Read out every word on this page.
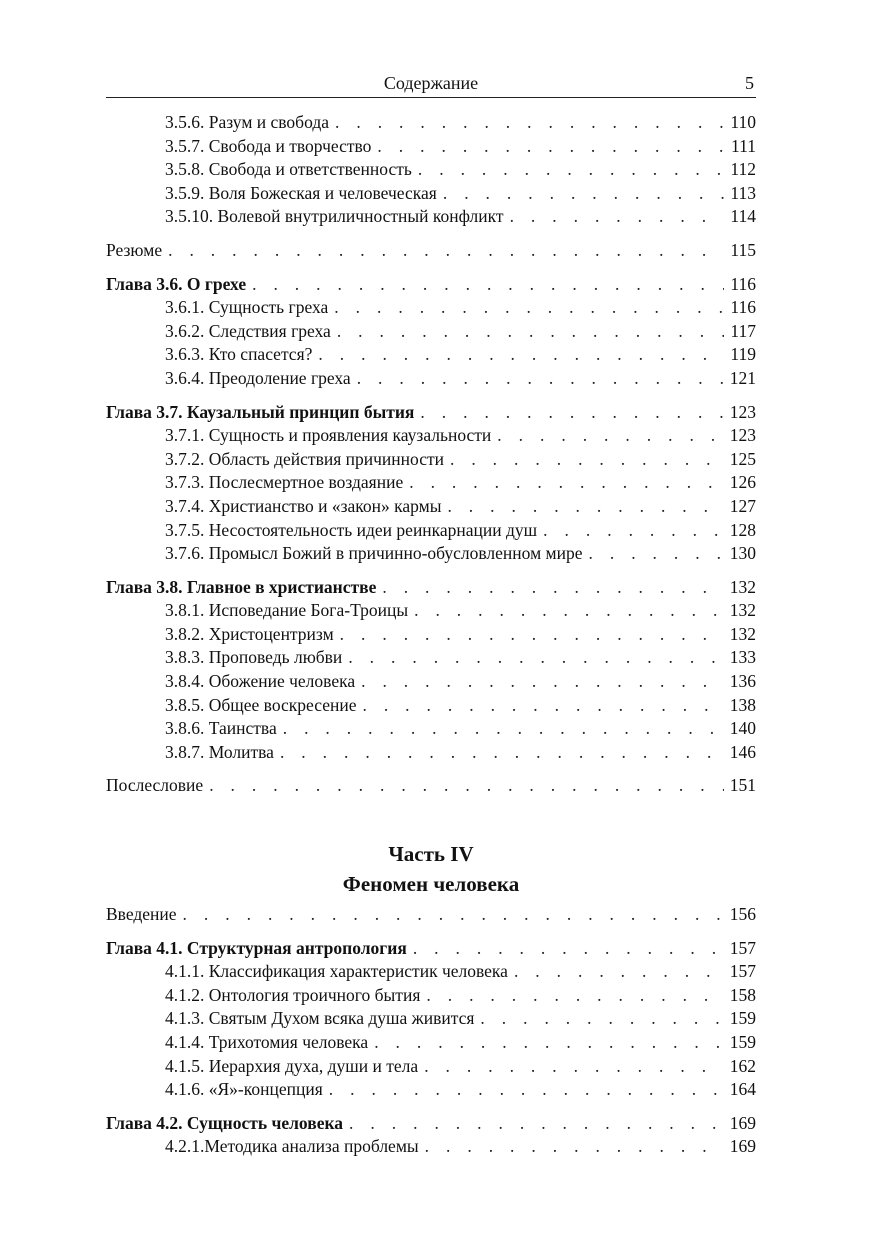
Содержание	5
3.5.6. Разум и свобода . . .	110
3.5.7. Свобода и творчество . . .	111
3.5.8. Свобода и ответственность . . .	112
3.5.9. Воля Божеская и человеческая . . .	113
3.5.10. Волевой внутриличностный конфликт . . .	114
Резюме . . .	115
Глава 3.6. О грехе . . .	116
3.6.1. Сущность греха . . .	116
3.6.2. Следствия греха . . .	117
3.6.3. Кто спасется? . . .	119
3.6.4. Преодоление греха . . .	121
Глава 3.7. Каузальный принцип бытия . . .	123
3.7.1. Сущность и проявления каузальности . . .	123
3.7.2. Область действия причинности . . .	125
3.7.3. Послесмертное воздаяние . . .	126
3.7.4. Христианство и «закон» кармы . . .	127
3.7.5. Несостоятельность идеи реинкарнации душ . . .	128
3.7.6. Промысл Божий в причинно-обусловленном мире . . .	130
Глава 3.8. Главное в христианстве . . .	132
3.8.1. Исповедание Бога-Троицы . . .	132
3.8.2. Христоцентризм . . .	132
3.8.3. Проповедь любви . . .	133
3.8.4. Обожение человека . . .	136
3.8.5. Общее воскресение . . .	138
3.8.6. Таинства . . .	140
3.8.7. Молитва . . .	146
Послесловие . . .	151
Часть IV
Феномен человека
Введение . . .	156
Глава 4.1. Структурная антропология . . .	157
4.1.1. Классификация характеристик человека . . .	157
4.1.2. Онтология троичного бытия . . .	158
4.1.3. Святым Духом всяка душа живится . . .	159
4.1.4. Трихотомия человека . . .	159
4.1.5. Иерархия духа, души и тела . . .	162
4.1.6. «Я»-концепция . . .	164
Глава 4.2. Сущность человека . . .	169
4.2.1.Методика анализа проблемы . . .	169
